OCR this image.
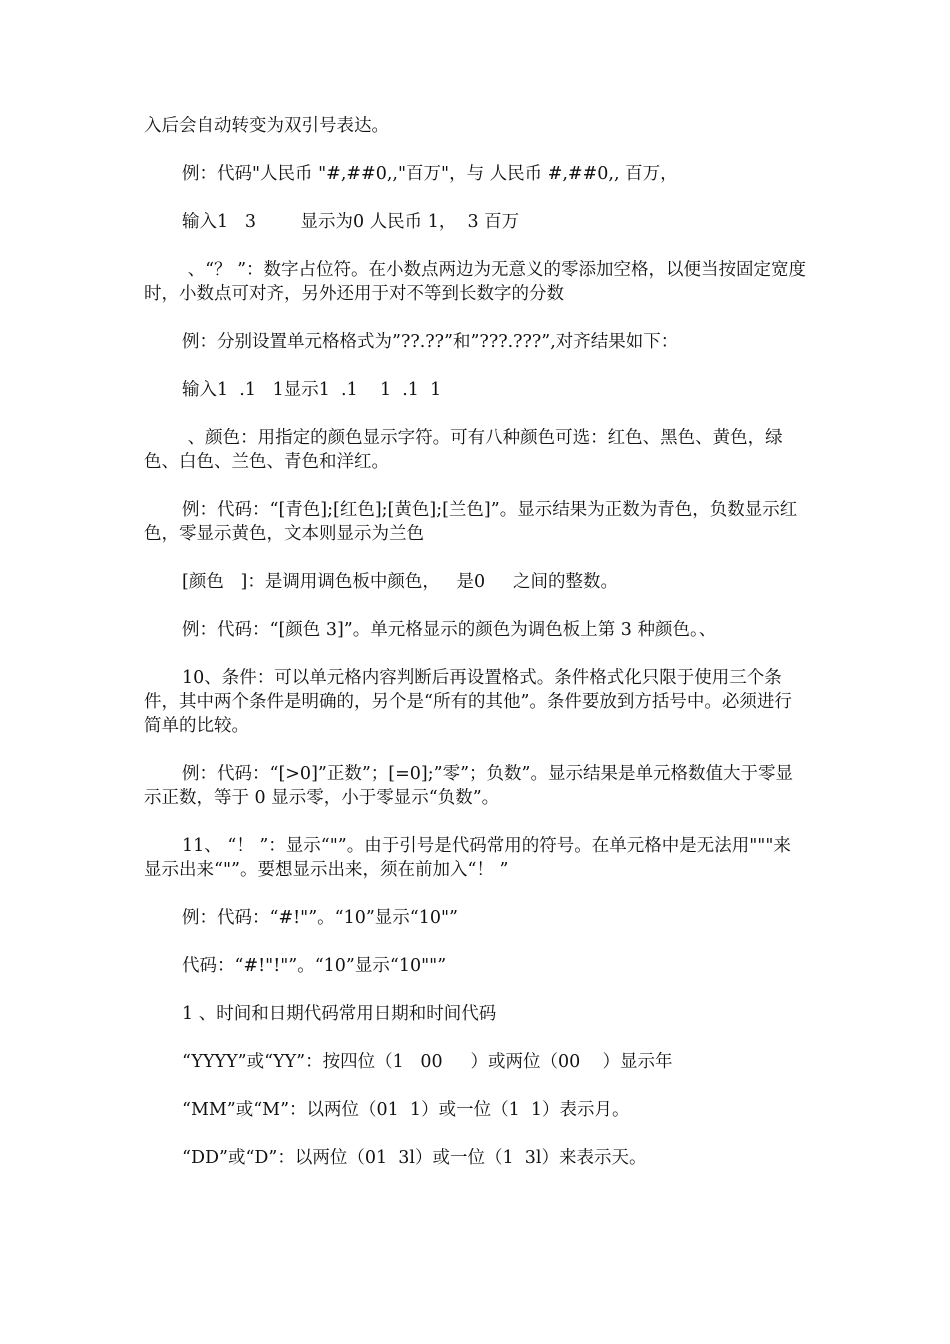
入后会自动转变为双引号表达。

例：代码"人民币 "#,##0,,"百万"，与 人民币 #,##0,, 百万，

输入1   3        显示为0 人民币 1，  3 百万

、“？ ”：数字占位符。在小数点两边为无意义的零添加空格，以便当按固定宽度时，小数点可对齐，另外还用于对不等到长数字的分数

例：分别设置单元格格式为”??.??”和”???.???”,对齐结果如下：

输入1  .1   1显示1  .1    1  .1  1

、颜色：用指定的颜色显示字符。可有八种颜色可选：红色、黑色、黄色，绿色、白色、兰色、青色和洋红。

例：代码：“[青色];[红色];[黄色];[兰色]”。显示结果为正数为青色，负数显示红色，零显示黄色，文本则显示为兰色

[颜色   ]：是调用调色板中颜色，   是0     之间的整数。

例：代码：“[颜色 3]”。单元格显示的颜色为调色板上第 3 种颜色。、

10、条件：可以单元格内容判断后再设置格式。条件格式化只限于使用三个条件，其中两个条件是明确的，另个是“所有的其他”。条件要放到方括号中。必须进行简单的比较。

例：代码：“[>0]”正数”；[=0];”零”；负数”。显示结果是单元格数值大于零显示正数，等于 0 显示零，小于零显示“负数”。

11、 “！ ”：显示“"”。由于引号是代码常用的符号。在单元格中是无法用"""来显示出来“"”。要想显示出来，须在前加入“！ ”

例：代码：“#!"”。“10”显示“10"”

代码：“#!"!"”。“10”显示“10""”

1 、时间和日期代码常用日期和时间代码

“YYYY”或“YY”：按四位（1   00     ）或两位（00    ）显示年

“MM”或“M”：以两位（01  1）或一位（1  1）表示月。

“DD”或“D”：以两位（01  3l）或一位（1  3l）来表示天。
